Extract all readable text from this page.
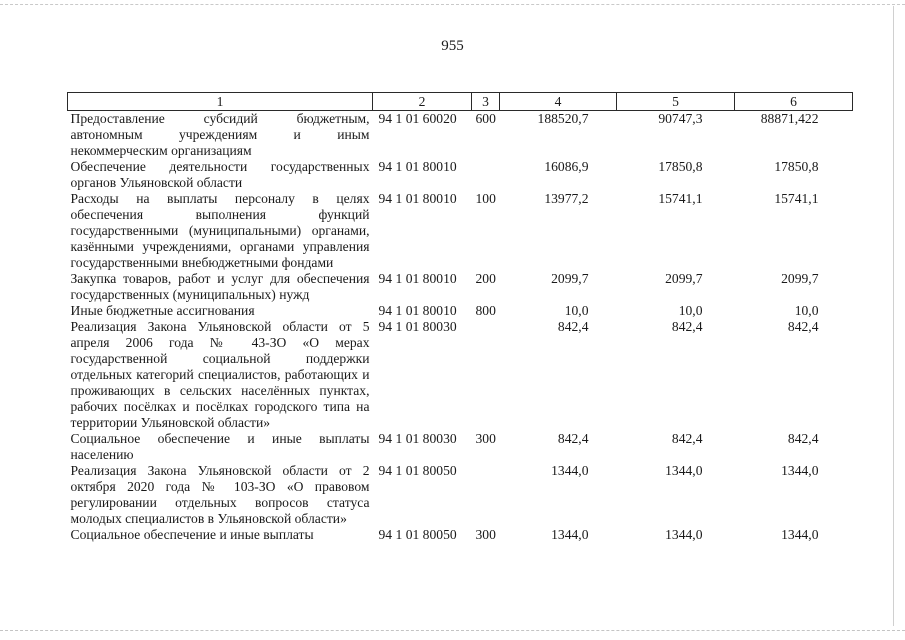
955
1	2	3	4	5	6
Предоставление субсидий бюджетным, автономным учреждениям и иным некоммерческим организациям	94 1 01 60020	600	188520,7	90747,3	88871,422
Обеспечение деятельности государственных органов Ульяновской области	94 1 01 80010		16086,9	17850,8	17850,8
Расходы на выплаты персоналу в целях обеспечения выполнения функций государственными (муниципальными) органами, казёнными учреждениями, органами управления государственными внебюджетными фондами	94 1 01 80010	100	13977,2	15741,1	15741,1
Закупка товаров, работ и услуг для обеспечения государственных (муниципальных) нужд	94 1 01 80010	200	2099,7	2099,7	2099,7
Иные бюджетные ассигнования	94 1 01 80010	800	10,0	10,0	10,0
Реализация Закона Ульяновской области от 5 апреля 2006 года № 43-ЗО «О мерах государственной социальной поддержки отдельных категорий специалистов, работающих и проживающих в сельских населённых пунктах, рабочих посёлках и посёлках городского типа на территории Ульяновской области»	94 1 01 80030		842,4	842,4	842,4
Социальное обеспечение и иные выплаты населению	94 1 01 80030	300	842,4	842,4	842,4
Реализация Закона Ульяновской области от 2 октября 2020 года № 103-ЗО «О правовом регулировании отдельных вопросов статуса молодых специалистов в Ульяновской области»	94 1 01 80050		1344,0	1344,0	1344,0
Социальное обеспечение и иные выплаты	94 1 01 80050	300	1344,0	1344,0	1344,0
